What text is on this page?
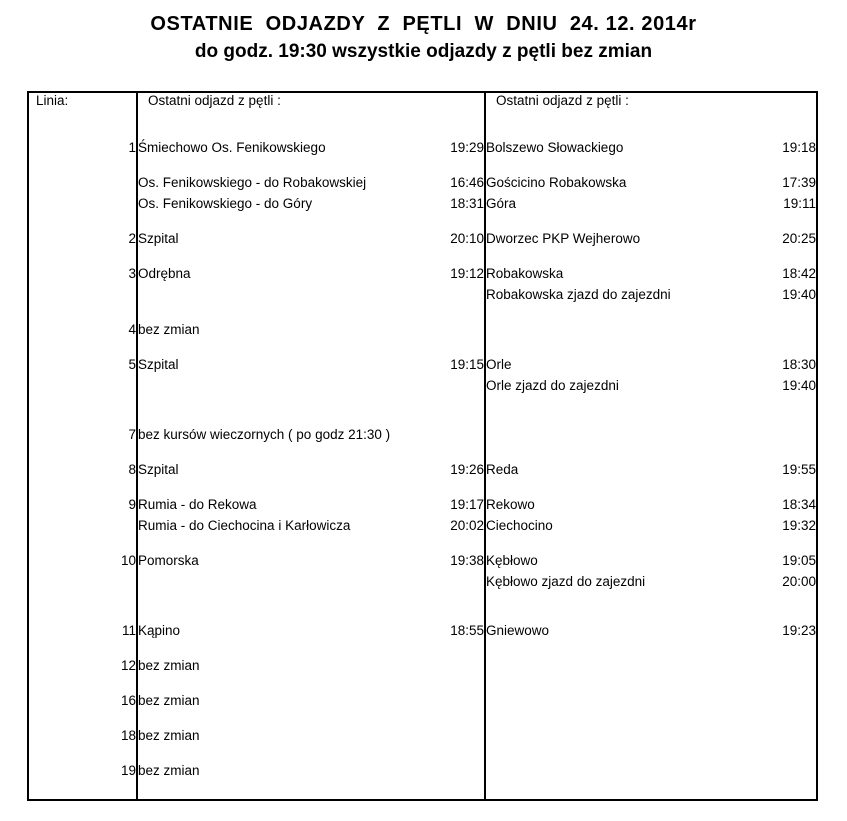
OSTATNIE  ODJAZDY  Z  PĘTLI  W  DNIU  24. 12. 2014r
do godz. 19:30 wszystkie odjazdy z pętli bez zmian
Linia:	Ostatni odjazd z pętli :		Ostatni odjazd z pętli :	

1	Śmiechowo Os. Fenikowskiego	19:29	Bolszewo Słowackiego	19:18

	Os. Fenikowskiego - do Robakowskiej	16:46	Gościcino Robakowska	17:39
	Os. Fenikowskiego - do Góry	18:31	Góra	19:11

2	Szpital	20:10	Dworzec PKP Wejherowo	20:25

3	Odrębna	19:12	Robakowska	18:42
			Robakowska zjazd do zajezdni	19:40

4	bez zmian			

5	Szpital	19:15	Orle	18:30
			Orle zjazd do zajezdni	19:40

7	bez kursów wieczornych ( po godz 21:30 )			

8	Szpital	19:26	Reda	19:55

9	Rumia - do Rekowa	19:17	Rekowo	18:34
	Rumia - do Ciechocina i Karłowicza	20:02	Ciechocino	19:32

10	Pomorska	19:38	Kębłowo	19:05
			Kębłowo zjazd do zajezdni	20:00

11	Kąpino	18:55	Gniewowo	19:23

12	bez zmian			

16	bez zmian			

18	bez zmian			

19	bez zmian			
